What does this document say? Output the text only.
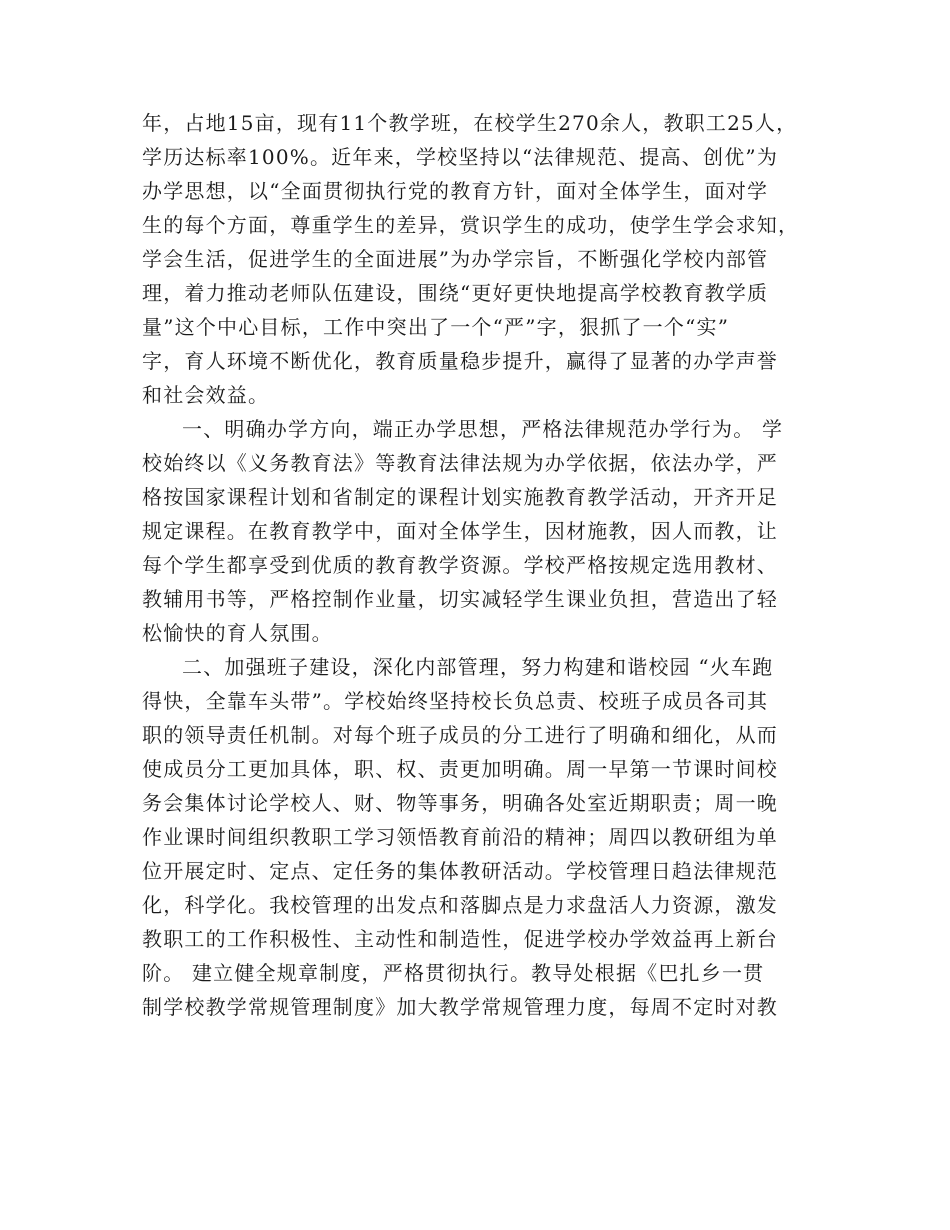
年，占地15亩，现有11个教学班，在校学生270余人，教职工25人，
学历达标率100%。近年来，学校坚持以“法律规范、提高、创优”为
办学思想，以“全面贯彻执行党的教育方针，面对全体学生，面对学
生的每个方面，尊重学生的差异，赏识学生的成功，使学生学会求知，
学会生活，促进学生的全面进展”为办学宗旨，不断强化学校内部管
理，着力推动老师队伍建设，围绕“更好更快地提高学校教育教学质
量”这个中心目标，工作中突出了一个“严”字，狠抓了一个“实”
字，育人环境不断优化，教育质量稳步提升，赢得了显著的办学声誉
和社会效益。
一、明确办学方向，端正办学思想，严格法律规范办学行为。 学
校始终以《义务教育法》等教育法律法规为办学依据，依法办学，严
格按国家课程计划和省制定的课程计划实施教育教学活动，开齐开足
规定课程。在教育教学中，面对全体学生，因材施教，因人而教，让
每个学生都享受到优质的教育教学资源。学校严格按规定选用教材、
教辅用书等，严格控制作业量，切实减轻学生课业负担，营造出了轻
松愉快的育人氛围。
二、加强班子建设，深化内部管理，努力构建和谐校园 “火车跑
得快，全靠车头带”。学校始终坚持校长负总责、校班子成员各司其
职的领导责任机制。对每个班子成员的分工进行了明确和细化，从而
使成员分工更加具体，职、权、责更加明确。周一早第一节课时间校
务会集体讨论学校人、财、物等事务，明确各处室近期职责；周一晚
作业课时间组织教职工学习领悟教育前沿的精神；周四以教研组为单
位开展定时、定点、定任务的集体教研活动。学校管理日趋法律规范
化，科学化。我校管理的出发点和落脚点是力求盘活人力资源，激发
教职工的工作积极性、主动性和制造性，促进学校办学效益再上新台
阶。 建立健全规章制度，严格贯彻执行。教导处根据《巴扎乡一贯
制学校教学常规管理制度》加大教学常规管理力度，每周不定时对教
